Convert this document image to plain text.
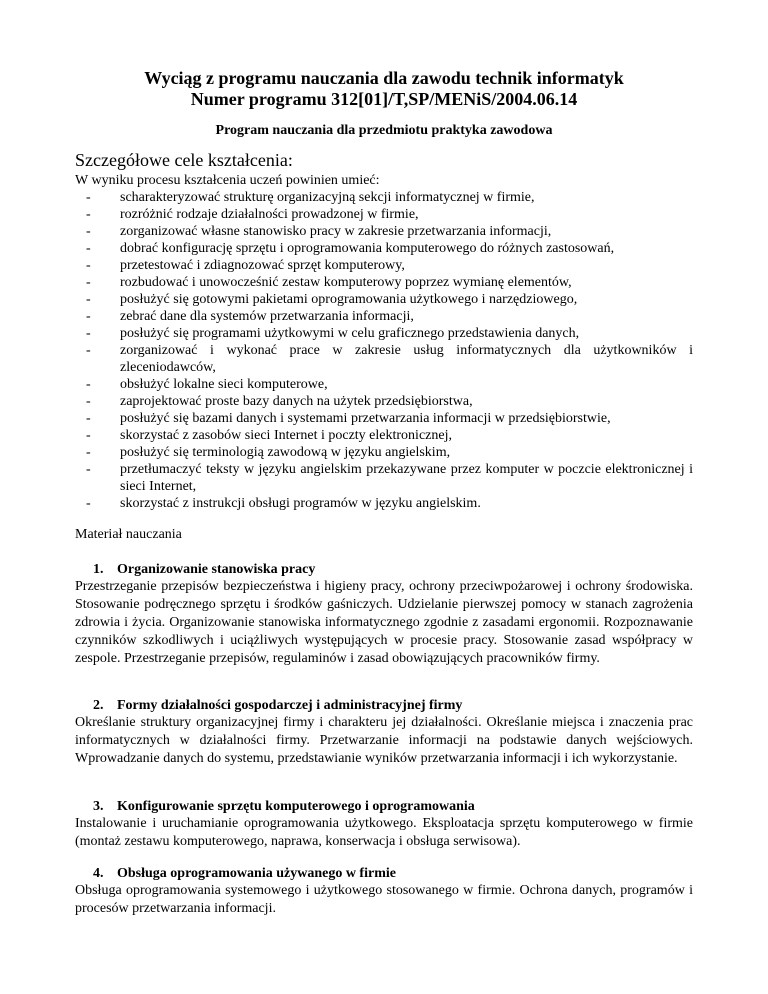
Wyciąg z programu nauczania dla zawodu technik informatyk
Numer programu 312[01]/T,SP/MENiS/2004.06.14
Program nauczania dla przedmiotu praktyka zawodowa
Szczegółowe cele kształcenia:

W wyniku procesu kształcenia uczeń powinien umieć:

- scharakteryzować strukturę organizacyjną sekcji informatycznej w firmie,
- rozróżnić rodzaje działalności prowadzonej w firmie,
- zorganizować własne stanowisko pracy w zakresie przetwarzania informacji,
- dobrać konfigurację sprzętu i oprogramowania komputerowego do różnych zastosowań,
- przetestować i zdiagnozować sprzęt komputerowy,
- rozbudować i unowocześnić zestaw komputerowy poprzez wymianę elementów,
- posłużyć się gotowymi pakietami oprogramowania użytkowego i narzędziowego,
- zebrać dane dla systemów przetwarzania informacji,
- posłużyć się programami użytkowymi w celu graficznego przedstawienia danych,
- zorganizować i wykonać prace w zakresie usług informatycznych dla użytkowników i zleceniodawców,
- obsłużyć lokalne sieci komputerowe,
- zaprojektować proste bazy danych na użytek przedsiębiorstwa,
- posłużyć się bazami danych i systemami przetwarzania informacji w przedsiębiorstwie,
- skorzystać z zasobów sieci Internet i poczty elektronicznej,
- posłużyć się terminologią zawodową w języku angielskim,
- przetłumaczyć teksty w języku angielskim przekazywane przez komputer w poczcie elektronicznej i sieci Internet,
- skorzystać z instrukcji obsługi programów w języku angielskim.

Materiał nauczania

1. Organizowanie stanowiska pracy

Przestrzeganie przepisów bezpieczeństwa i higieny pracy, ochrony przeciwpożarowej i ochrony środowiska. Stosowanie podręcznego sprzętu i środków gaśniczych. Udzielanie pierwszej pomocy w stanach zagrożenia zdrowia i życia. Organizowanie stanowiska informatycznego zgodnie z zasadami ergonomii. Rozpoznawanie czynników szkodliwych i uciążliwych występujących w procesie pracy. Stosowanie zasad współpracy w zespole. Przestrzeganie przepisów, regulaminów i zasad obowiązujących pracowników firmy.

2. Formy działalności gospodarczej i administracyjnej firmy

Określanie struktury organizacyjnej firmy i charakteru jej działalności. Określanie miejsca i znaczenia prac informatycznych w działalności firmy. Przetwarzanie informacji na podstawie danych wejściowych. Wprowadzanie danych do systemu, przedstawianie wyników przetwarzania informacji i ich wykorzystanie.

3. Konfigurowanie sprzętu komputerowego i oprogramowania

Instalowanie i uruchamianie oprogramowania użytkowego. Eksploatacja sprzętu komputerowego w firmie (montaż zestawu komputerowego, naprawa, konserwacja i obsługa serwisowa).

4. Obsługa oprogramowania używanego w firmie

Obsługa oprogramowania systemowego i użytkowego stosowanego w firmie. Ochrona danych, programów i procesów przetwarzania informacji.
